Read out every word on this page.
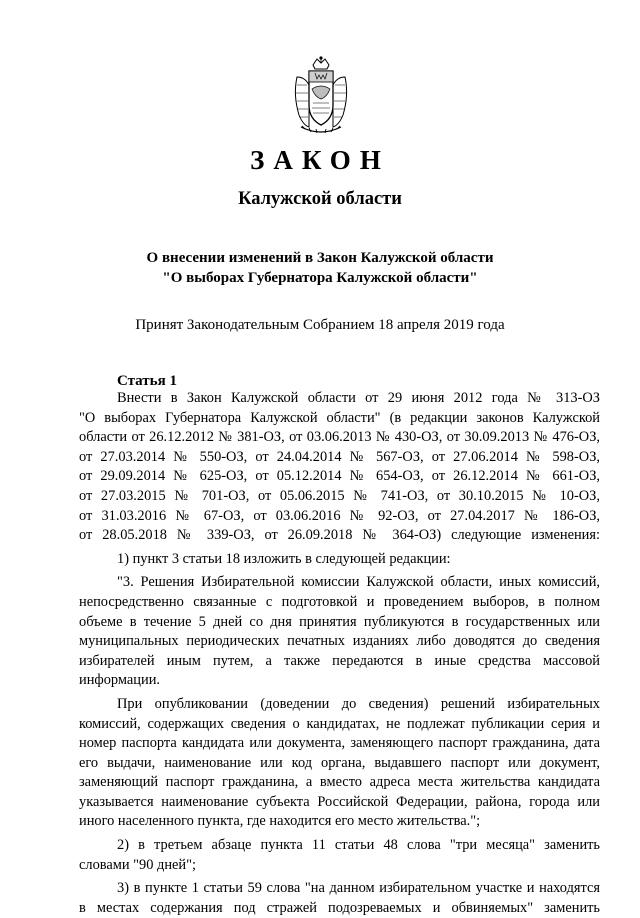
ЗАКОН
Калужской области
О внесении изменений в Закон Калужской области
"О выборах Губернатора Калужской области"
Принят Законодательным Собранием 18 апреля 2019 года
Статья 1
Внести в Закон Калужской области от 29 июня 2012 года № 313-ОЗ
"О выборах Губернатора Калужской области" (в редакции законов Калужской
области от 26.12.2012 № 381-ОЗ, от 03.06.2013 № 430-ОЗ, от 30.09.2013 № 476-ОЗ,
от 27.03.2014 № 550-ОЗ, от 24.04.2014 № 567-ОЗ, от 27.06.2014 № 598-ОЗ,
от 29.09.2014 № 625-ОЗ, от 05.12.2014 № 654-ОЗ, от 26.12.2014 № 661-ОЗ,
от 27.03.2015 № 701-ОЗ, от 05.06.2015 № 741-ОЗ, от 30.10.2015 № 10-ОЗ,
от 31.03.2016 № 67-ОЗ, от 03.06.2016 № 92-ОЗ, от 27.04.2017 № 186-ОЗ,
от 28.05.2018 № 339-ОЗ, от 26.09.2018 № 364-ОЗ) следующие изменения:
1) пункт 3 статьи 18 изложить в следующей редакции:
"3. Решения Избирательной комиссии Калужской области, иных комиссий,
непосредственно связанные с подготовкой и проведением выборов, в полном
объеме в течение 5 дней со дня принятия публикуются в государственных или
муниципальных периодических печатных изданиях либо доводятся до сведения
избирателей иным путем, а также передаются в иные средства массовой
информации.
При опубликовании (доведении до сведения) решений избирательных
комиссий, содержащих сведения о кандидатах, не подлежат публикации серия и
номер паспорта кандидата или документа, заменяющего паспорт гражданина, дата
его выдачи, наименование или код органа, выдавшего паспорт или документ,
заменяющий паспорт гражданина, а вместо адреса места жительства кандидата
указывается наименование субъекта Российской Федерации, района, города или
иного населенного пункта, где находится его место жительства.";
2) в третьем абзаце пункта 11 статьи 48 слова "три месяца" заменить
словами "90 дней";
3) в пункте 1 статьи 59 слова "на данном избирательном участке и находятся
в местах содержания под стражей подозреваемых и обвиняемых" заменить
